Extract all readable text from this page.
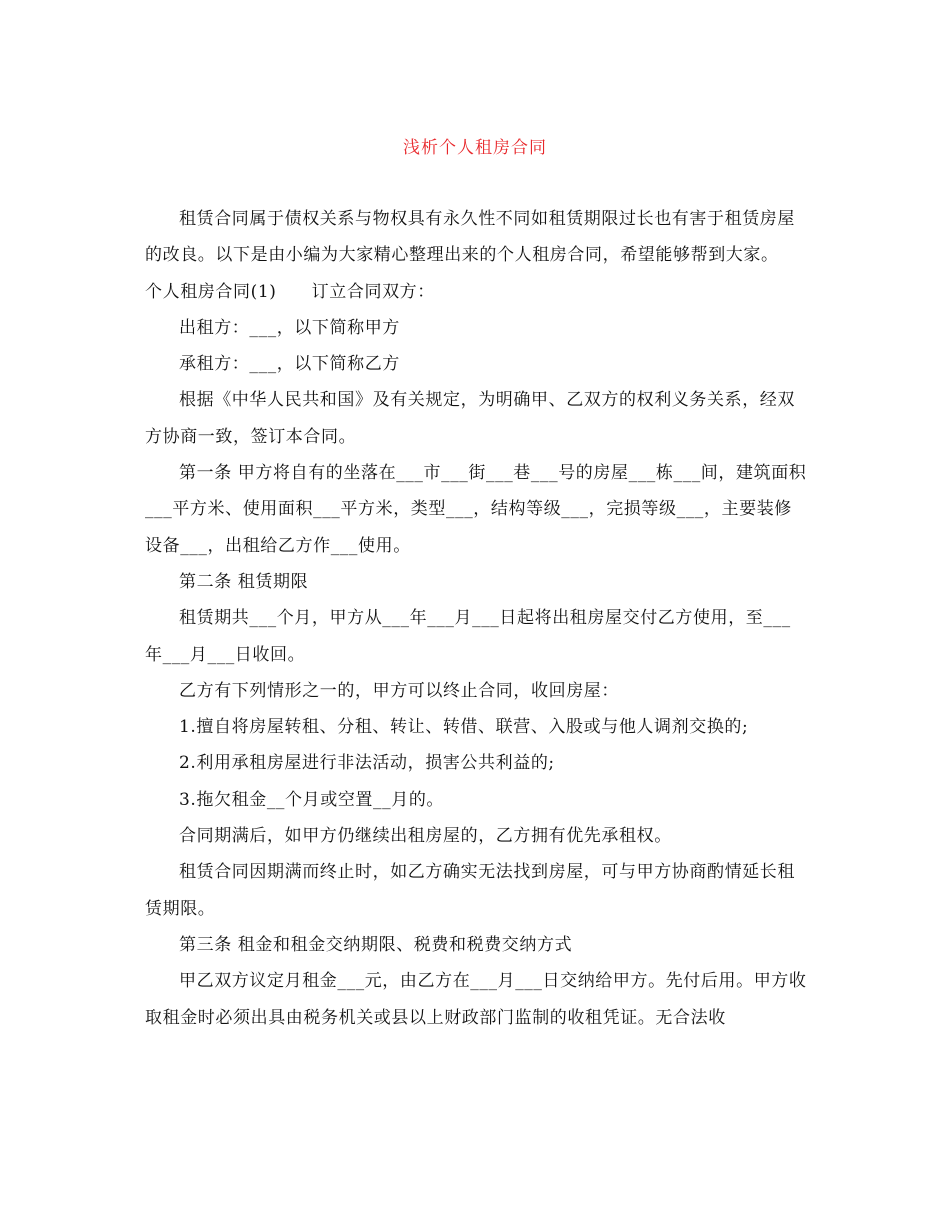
浅析个人租房合同

租赁合同属于债权关系与物权具有永久性不同如租赁期限过长也有害于租赁房屋的改良。以下是由小编为大家精心整理出来的个人租房合同，希望能够帮到大家。

个人租房合同(1)　　订立合同双方：

出租方：___，以下简称甲方

承租方：___，以下简称乙方

根据《中华人民共和国》及有关规定，为明确甲、乙双方的权利义务关系，经双方协商一致，签订本合同。

第一条 甲方将自有的坐落在___市___街___巷___号的房屋___栋___间，建筑面积___平方米、使用面积___平方米，类型___，结构等级___，完损等级___，主要装修设备___，出租给乙方作___使用。

第二条 租赁期限

租赁期共___个月，甲方从___年___月___日起将出租房屋交付乙方使用，至___年___月___日收回。

乙方有下列情形之一的，甲方可以终止合同，收回房屋：

1.擅自将房屋转租、分租、转让、转借、联营、入股或与他人调剂交换的;

2.利用承租房屋进行非法活动，损害公共利益的;

3.拖欠租金__个月或空置__月的。

合同期满后，如甲方仍继续出租房屋的，乙方拥有优先承租权。

租赁合同因期满而终止时，如乙方确实无法找到房屋，可与甲方协商酌情延长租赁期限。

第三条 租金和租金交纳期限、税费和税费交纳方式

甲乙双方议定月租金___元，由乙方在___月___日交纳给甲方。先付后用。甲方收取租金时必须出具由税务机关或县以上财政部门监制的收租凭证。无合法收
